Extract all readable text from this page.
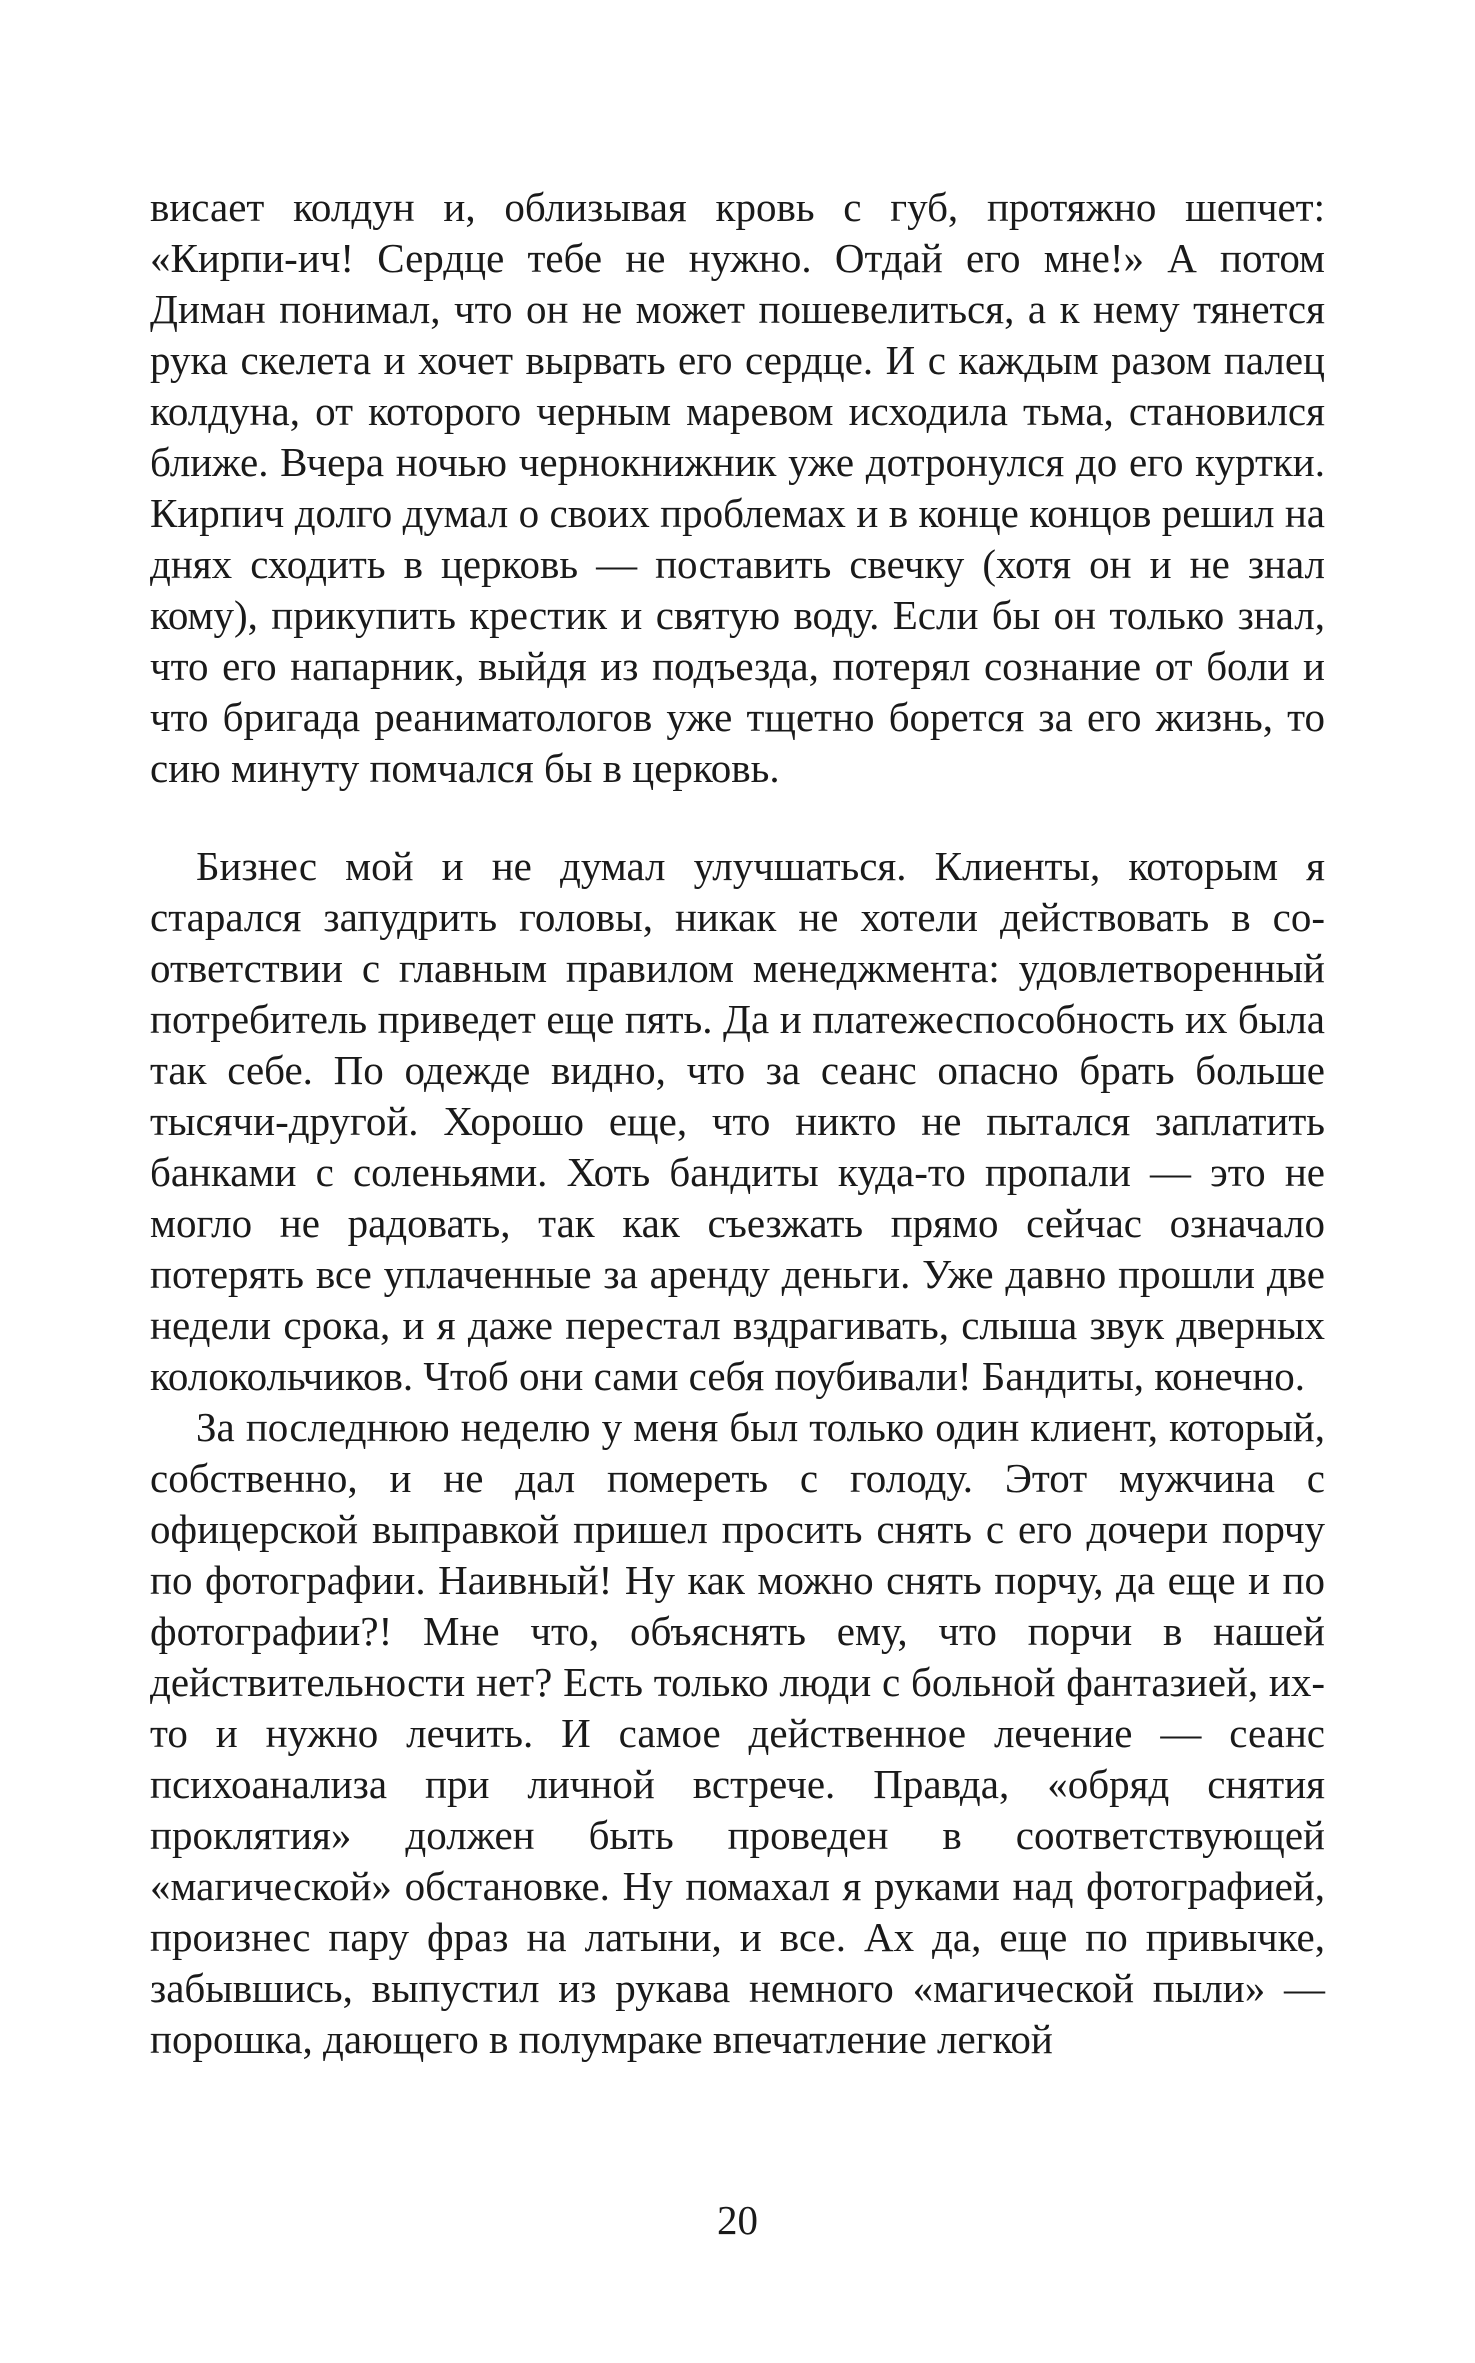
висает колдун и, облизывая кровь с губ, протяжно шепчет: «Кирпи-ич! Сердце тебе не нужно. Отдай его мне!» А потом Диман понимал, что он не может пошевелиться, а к нему тянется рука скелета и хочет вырвать его сердце. И с каждым разом палец колдуна, от которого черным маревом исходила тьма, становился ближе. Вчера ночью чернокнижник уже дотронулся до его куртки. Кирпич долго думал о своих проблемах и в конце концов решил на днях сходить в церковь — поставить свечку (хотя он и не знал кому), прикупить крестик и святую воду. Если бы он только знал, что его напарник, выйдя из подъезда, потерял сознание от боли и что бригада реаниматологов уже тщетно борется за его жизнь, то сию минуту помчался бы в церковь.

Бизнес мой и не думал улучшаться. Клиенты, которым я старался запудрить головы, никак не хотели действовать в соответствии с главным правилом менеджмента: удовлетворенный потребитель приведет еще пять. Да и платежеспособность их была так себе. По одежде видно, что за сеанс опасно брать больше тысячи-другой. Хорошо еще, что никто не пытался заплатить банками с соленьями. Хоть бандиты куда-то пропали — это не могло не радовать, так как съезжать прямо сейчас означало потерять все уплаченные за аренду деньги. Уже давно прошли две недели срока, и я даже перестал вздрагивать, слыша звук дверных колокольчиков. Чтоб они сами себя поубивали! Бандиты, конечно.

За последнюю неделю у меня был только один клиент, который, собственно, и не дал помереть с голоду. Этот мужчина с офицерской выправкой пришел просить снять с его дочери порчу по фотографии. Наивный! Ну как можно снять порчу, да еще и по фотографии?! Мне что, объяснять ему, что порчи в нашей действительности нет? Есть только люди с больной фантазией, их-то и нужно лечить. И самое действенное лечение — сеанс психоанализа при личной встрече. Правда, «обряд снятия проклятия» должен быть проведен в соответствующей «магической» обстановке. Ну помахал я руками над фотографией, произнес пару фраз на латыни, и все. Ах да, еще по привычке, забывшись, выпустил из рукава немного «магической пыли» — порошка, дающего в полумраке впечатление легкой

20
